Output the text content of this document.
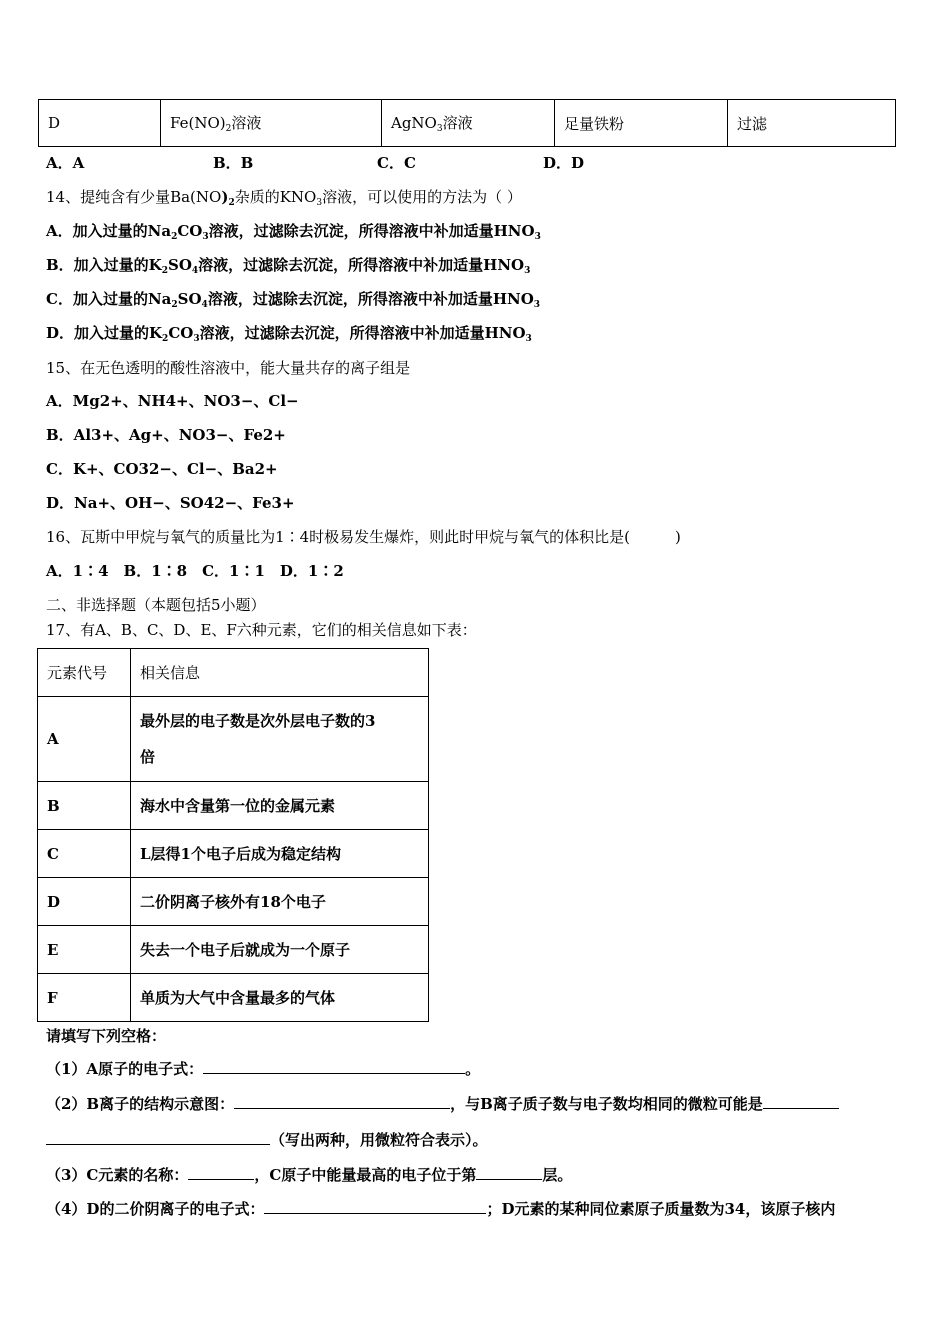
D	$Fe(NO)_2$溶液	AgNO$_3$溶液	足量铁粉	过滤
A．A	B．B	C．C	D．D
14、提纯含有少量$Ba(NO)_2$杂质的$KNO_3$溶液，可以使用的方法为（ ）
A．加入过量的$Na_2CO_3$溶液，过滤除去沉淀，所得溶液中补加适量$HNO_3$
B．加入过量的$K_2SO_4$溶液，过滤除去沉淀，所得溶液中补加适量$HNO_3$
C．加入过量的$Na_2SO_4$溶液，过滤除去沉淀，所得溶液中补加适量$HNO_3$
D．加入过量的$K_2CO_3$溶液，过滤除去沉淀，所得溶液中补加适量$HNO_3$
15、在无色透明的酸性溶液中，能大量共存的离子组是
A．Mg2+、NH4+、NO3−、Cl−
B．Al3+、Ag+、NO3−、Fe2+
C．K+、CO32−、Cl−、Ba2+
D．Na+、OH−、SO42−、Fe3+
16、瓦斯中甲烷与氧气的质量比为1∶4时极易发生爆炸，则此时甲烷与氧气的体积比是(　　　)
A．1∶4　B．1∶8　C．1∶1　D．1∶2
二、非选择题（本题包括5小题）
17、有A、B、C、D、E、F六种元素，它们的相关信息如下表：
元素代号	相关信息
A	最外层的电子数是次外层电子数的3
倍

B	海水中含量第一位的金属元素
C	L层得1个电子后成为稳定结构
D	二价阴离子核外有18个电子
E	失去一个电子后就成为一个原子
F	单质为大气中含量最多的气体
请填写下列空格：
（1）A原子的电子式：	。
（2）B离子的结构示意图：	，与B离子质子数与电子数均相同的微粒可能是
（写出两种，用微粒符合表示）。
（3）C元素的名称：	，C原子中能量最高的电子位于第	层。
（4）D的二价阴离子的电子式：	；D元素的某种同位素原子质量数为34，该原子核内
